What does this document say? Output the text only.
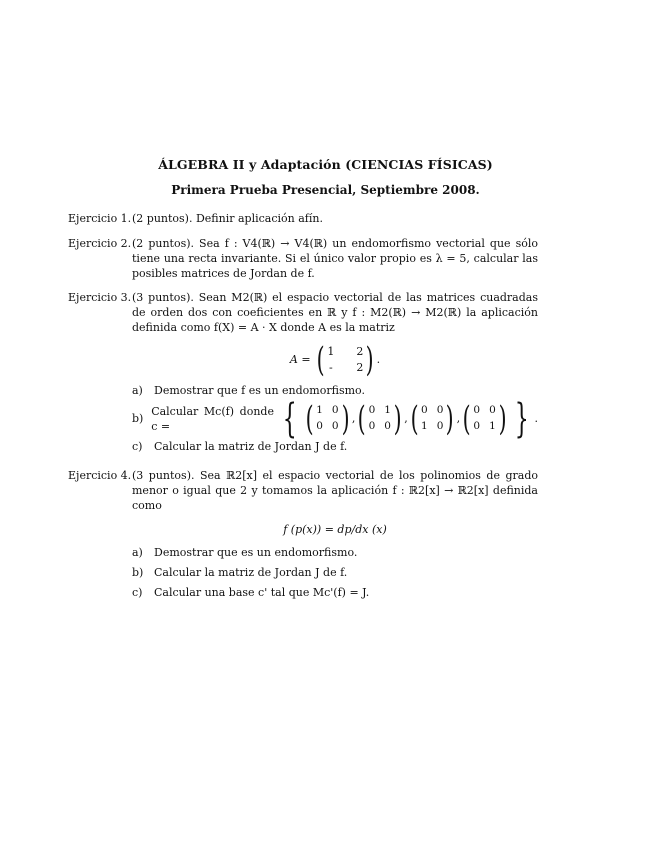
ÁLGEBRA II y Adaptación (CIENCIAS FÍSICAS)
Primera Prueba Presencial, Septiembre 2008.
Ejercicio 1. (2 puntos). Definir aplicación afín.

Ejercicio 2. (2 puntos). Sea f : V4(ℝ) → V4(ℝ) un endomorfismo vectorial que sólo tiene una recta invariante. Si el único valor propio es λ = 5, calcular las posibles matrices de Jordan de f.

Ejercicio 3. (3 puntos). Sean M2(ℝ) el espacio vectorial de las matrices cuadradas de orden dos con coeficientes en ℝ y f : M2(ℝ) → M2(ℝ) la aplicación definida como f(X) = A · X donde A es la matriz

A =
( 1 2
- 2 ) .
a)	Demostrar que f es un endomorfismo.
b)
Calcular Mc(f) donde c =
	{ ( 1 0
0 0 ) , ( 0 1
0 0 ) , ( 0 0
1 0 ) , ( 0 0
0 1 ) } .
c)	Calcular la matriz de Jordan J de f.
Ejercicio 4. (3 puntos). Sea ℝ2[x] el espacio vectorial de los polinomios de grado menor o igual que 2 y tomamos la aplicación f : ℝ2[x] → ℝ2[x] definida como

f (p(x)) = dp/dx (x)
a)	Demostrar que es un endomorfismo.
b) Calcular la matriz de Jordan J de f.
c)	Calcular una base c' tal que Mc'(f) = J.
